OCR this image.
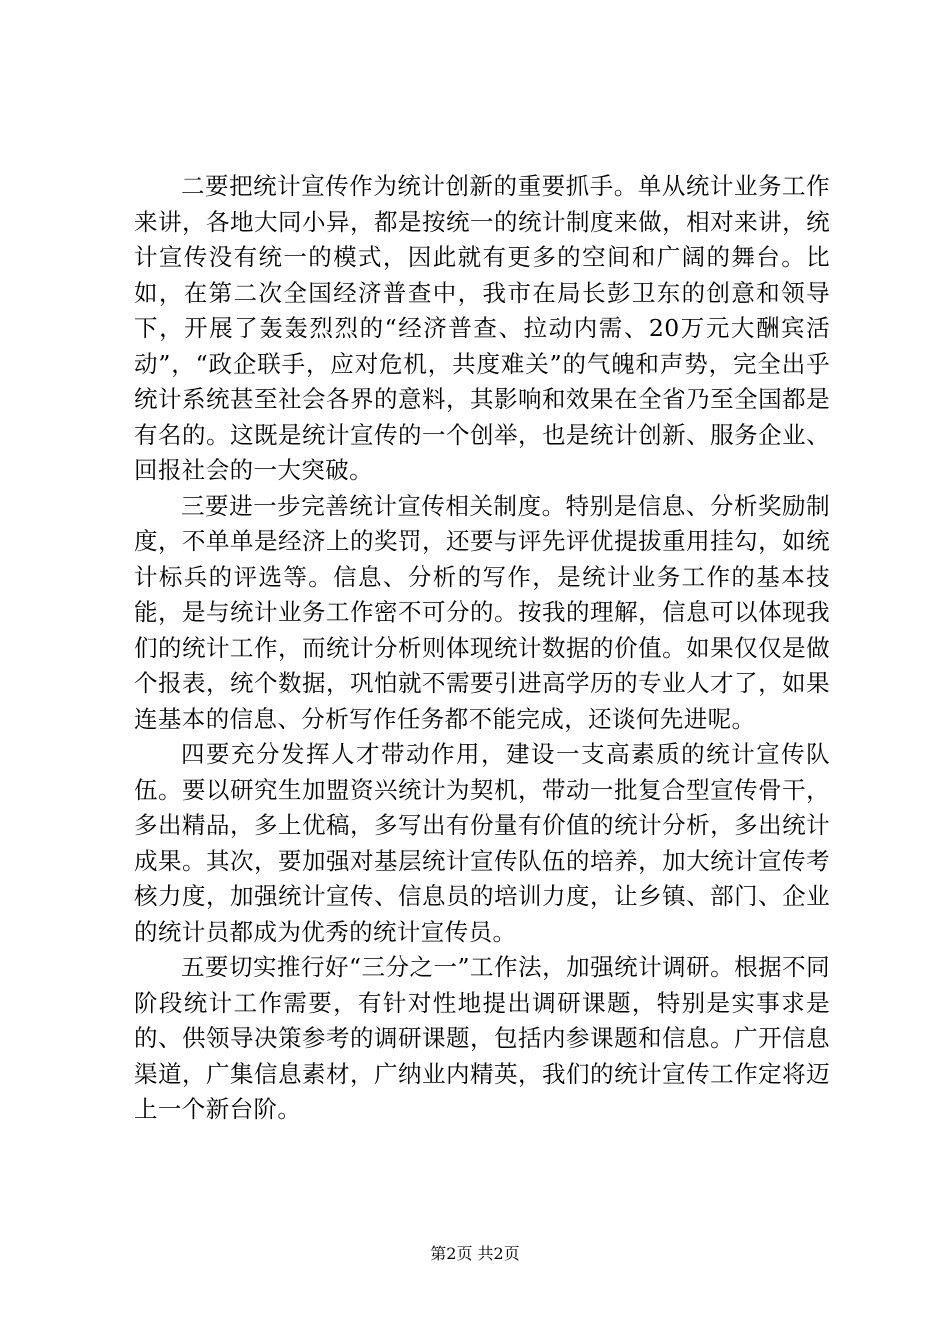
二要把统计宣传作为统计创新的重要抓手。单从统计业务工作来讲，各地大同小异，都是按统一的统计制度来做，相对来讲，统计宣传没有统一的模式，因此就有更多的空间和广阔的舞台。比如，在第二次全国经济普查中，我市在局长彭卫东的创意和领导下，开展了轰轰烈烈的“经济普查、拉动内需、20万元大酬宾活动”，“政企联手，应对危机，共度难关”的气魄和声势，完全出乎统计系统甚至社会各界的意料，其影响和效果在全省乃至全国都是有名的。这既是统计宣传的一个创举，也是统计创新、服务企业、回报社会的一大突破。

三要进一步完善统计宣传相关制度。特别是信息、分析奖励制度，不单单是经济上的奖罚，还要与评先评优提拔重用挂勾，如统计标兵的评选等。信息、分析的写作，是统计业务工作的基本技能，是与统计业务工作密不可分的。按我的理解，信息可以体现我们的统计工作，而统计分析则体现统计数据的价值。如果仅仅是做个报表，统个数据，巩怕就不需要引进高学历的专业人才了，如果连基本的信息、分析写作任务都不能完成，还谈何先进呢。

四要充分发挥人才带动作用，建设一支高素质的统计宣传队伍。要以研究生加盟资兴统计为契机，带动一批复合型宣传骨干，多出精品，多上优稿，多写出有份量有价值的统计分析，多出统计成果。其次，要加强对基层统计宣传队伍的培养，加大统计宣传考核力度，加强统计宣传、信息员的培训力度，让乡镇、部门、企业的统计员都成为优秀的统计宣传员。

五要切实推行好“三分之一”工作法，加强统计调研。根据不同阶段统计工作需要，有针对性地提出调研课题，特别是实事求是的、供领导决策参考的调研课题，包括内参课题和信息。广开信息渠道，广集信息素材，广纳业内精英，我们的统计宣传工作定将迈上一个新台阶。

第2页 共2页
